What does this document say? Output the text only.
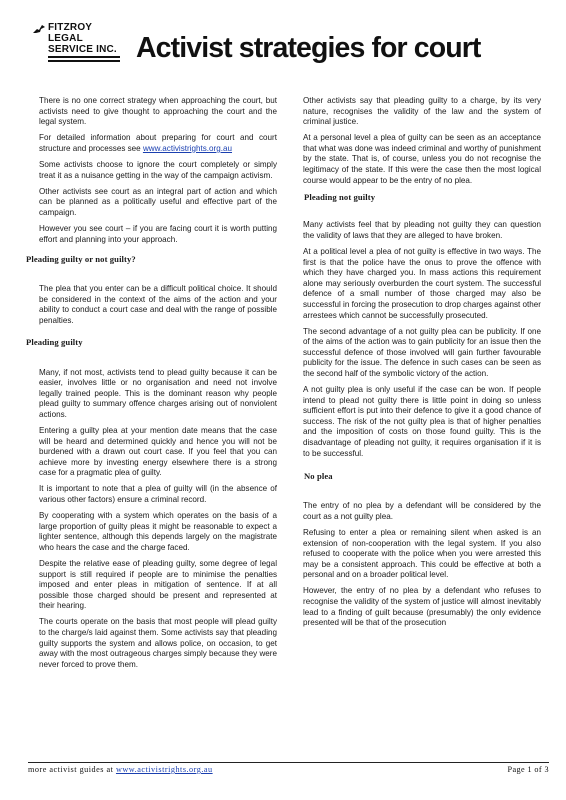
FITZROY
LEGAL
SERVICE INC. Activist strategies for court

There is no one correct strategy when approaching the court, but activists need to give thought to approaching the court and the legal system.

For detailed information about preparing for court and court structure and processes see www.activistrights.org.au

Some activists choose to ignore the court completely or simply treat it as a nuisance getting in the way of the campaign activism.

Other activists see court as an integral part of action and which can be planned as a politically useful and effective part of the campaign.

However you see court – if you are facing court it is worth putting effort and planning into your approach.

Pleading guilty or not guilty?

The plea that you enter can be a difficult political choice. It should be considered in the context of the aims of the action and your ability to conduct a court case and deal with the range of possible penalties.

Pleading guilty

Many, if not most, activists tend to plead guilty because it can be easier, involves little or no organisation and need not involve legally trained people. This is the dominant reason why people plead guilty to summary offence charges arising out of nonviolent actions.

Entering a guilty plea at your mention date means that the case will be heard and determined quickly and hence you will not be burdened with a drawn out court case. If you feel that you can achieve more by investing energy elsewhere there is a strong case for a pragmatic plea of guilty.

It is important to note that a plea of guilty will (in the absence of various other factors) ensure a criminal record.

By cooperating with a system which operates on the basis of a large proportion of guilty pleas it might be reasonable to expect a lighter sentence, although this depends largely on the magistrate who hears the case and the charge faced.

Despite the relative ease of pleading guilty, some degree of legal support is still required if people are to minimise the penalties imposed and enter pleas in mitigation of sentence. If at all possible those charged should be present and represented at their hearing.

The courts operate on the basis that most people will plead guilty to the charge/s laid against them. Some activists say that pleading guilty supports the system and allows police, on occasion, to get away with the most outrageous charges simply because they were never forced to prove them.

Other activists say that pleading guilty to a charge, by its very nature, recognises the validity of the law and the system of criminal justice.

At a personal level a plea of guilty can be seen as an acceptance that what was done was indeed criminal and worthy of punishment by the state. That is, of course, unless you do not recognise the legitimacy of the state. If this were the case then the most logical course would appear to be the entry of no plea.

Pleading not guilty

Many activists feel that by pleading not guilty they can question the validity of laws that they are alleged to have broken.

At a political level a plea of not guilty is effective in two ways. The first is that the police have the onus to prove the offence with which they have charged you. In mass actions this requirement alone may seriously overburden the court system. The successful defence of a small number of those charged may also be successful in forcing the prosecution to drop charges against other arrestees which cannot be successfully prosecuted.

The second advantage of a not guilty plea can be publicity. If one of the aims of the action was to gain publicity for an issue then the successful defence of those involved will gain further favourable publicity for the issue. The defence in such cases can be seen as the second half of the symbolic victory of the action.

A not guilty plea is only useful if the case can be won. If people intend to plead not guilty there is little point in doing so unless sufficient effort is put into their defence to give it a good chance of success. The risk of the not guilty plea is that of higher penalties and the imposition of costs on those found guilty. This is the disadvantage of pleading not guilty, it requires organisation if it is to be successful.

No plea

The entry of no plea by a defendant will be considered by the court as a not guilty plea.

Refusing to enter a plea or remaining silent when asked is an extension of non-cooperation with the legal system. If you also refused to cooperate with the police when you were arrested this may be a consistent approach. This could be effective at both a personal and on a broader political level.

However, the entry of no plea by a defendant who refuses to recognise the validity of the system of justice will almost inevitably lead to a finding of guilt because (presumably) the only evidence presented will be that of the prosecution

more activist guides at www.activistrights.org.au	Page 1 of 3
